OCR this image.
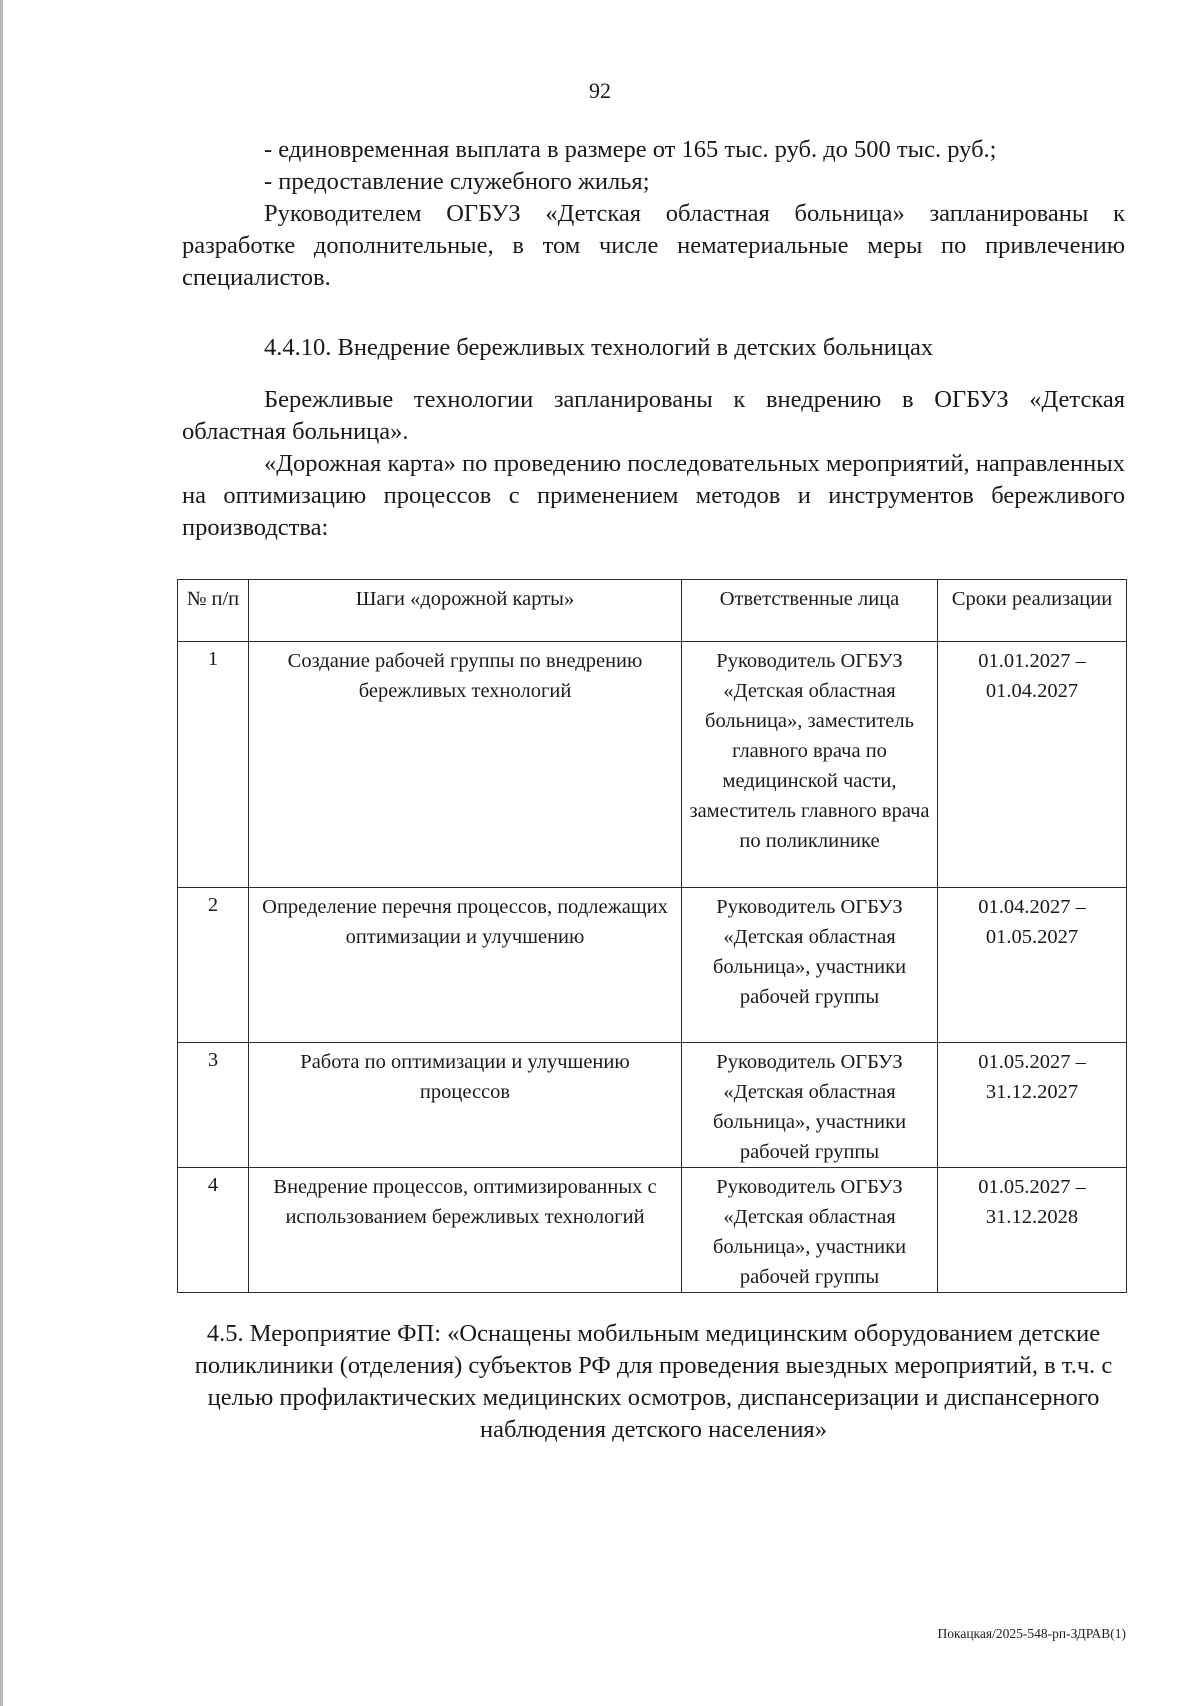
92

- единовременная выплата в размере от 165 тыс. руб. до 500 тыс. руб.;

- предоставление служебного жилья;

Руководителем ОГБУЗ «Детская областная больница» запланированы к разработке дополнительные, в том числе нематериальные меры по привлечению специалистов.

4.4.10. Внедрение бережливых технологий в детских больницах

Бережливые технологии запланированы к внедрению в ОГБУЗ «Детская областная больница».

«Дорожная карта» по проведению последовательных мероприятий, направленных на оптимизацию процессов с применением методов и инструментов бережливого производства:

№ п/п	Шаги «дорожной карты»	Ответственные лица	Сроки реализации
1	Создание рабочей группы по внедрению бережливых технологий	Руководитель ОГБУЗ «Детская областная больница», заместитель главного врача по медицинской части, заместитель главного врача по поликлинике	01.01.2027 – 01.04.2027
2	Определение перечня процессов, подлежащих оптимизации и улучшению	Руководитель ОГБУЗ «Детская областная больница», участники рабочей группы	01.04.2027 – 01.05.2027
3	Работа по оптимизации и улучшению процессов	Руководитель ОГБУЗ «Детская областная больница», участники рабочей группы	01.05.2027 – 31.12.2027
4	Внедрение процессов, оптимизированных с использованием бережливых технологий	Руководитель ОГБУЗ «Детская областная больница», участники рабочей группы	01.05.2027 – 31.12.2028
4.5. Мероприятие ФП: «Оснащены мобильным медицинским оборудованием детские поликлиники (отделения) субъектов РФ для проведения выездных мероприятий, в т.ч. с целью профилактических медицинских осмотров, диспансеризации и диспансерного наблюдения детского населения»
Покацкая/2025-548-рп-ЗДРАВ(1)
